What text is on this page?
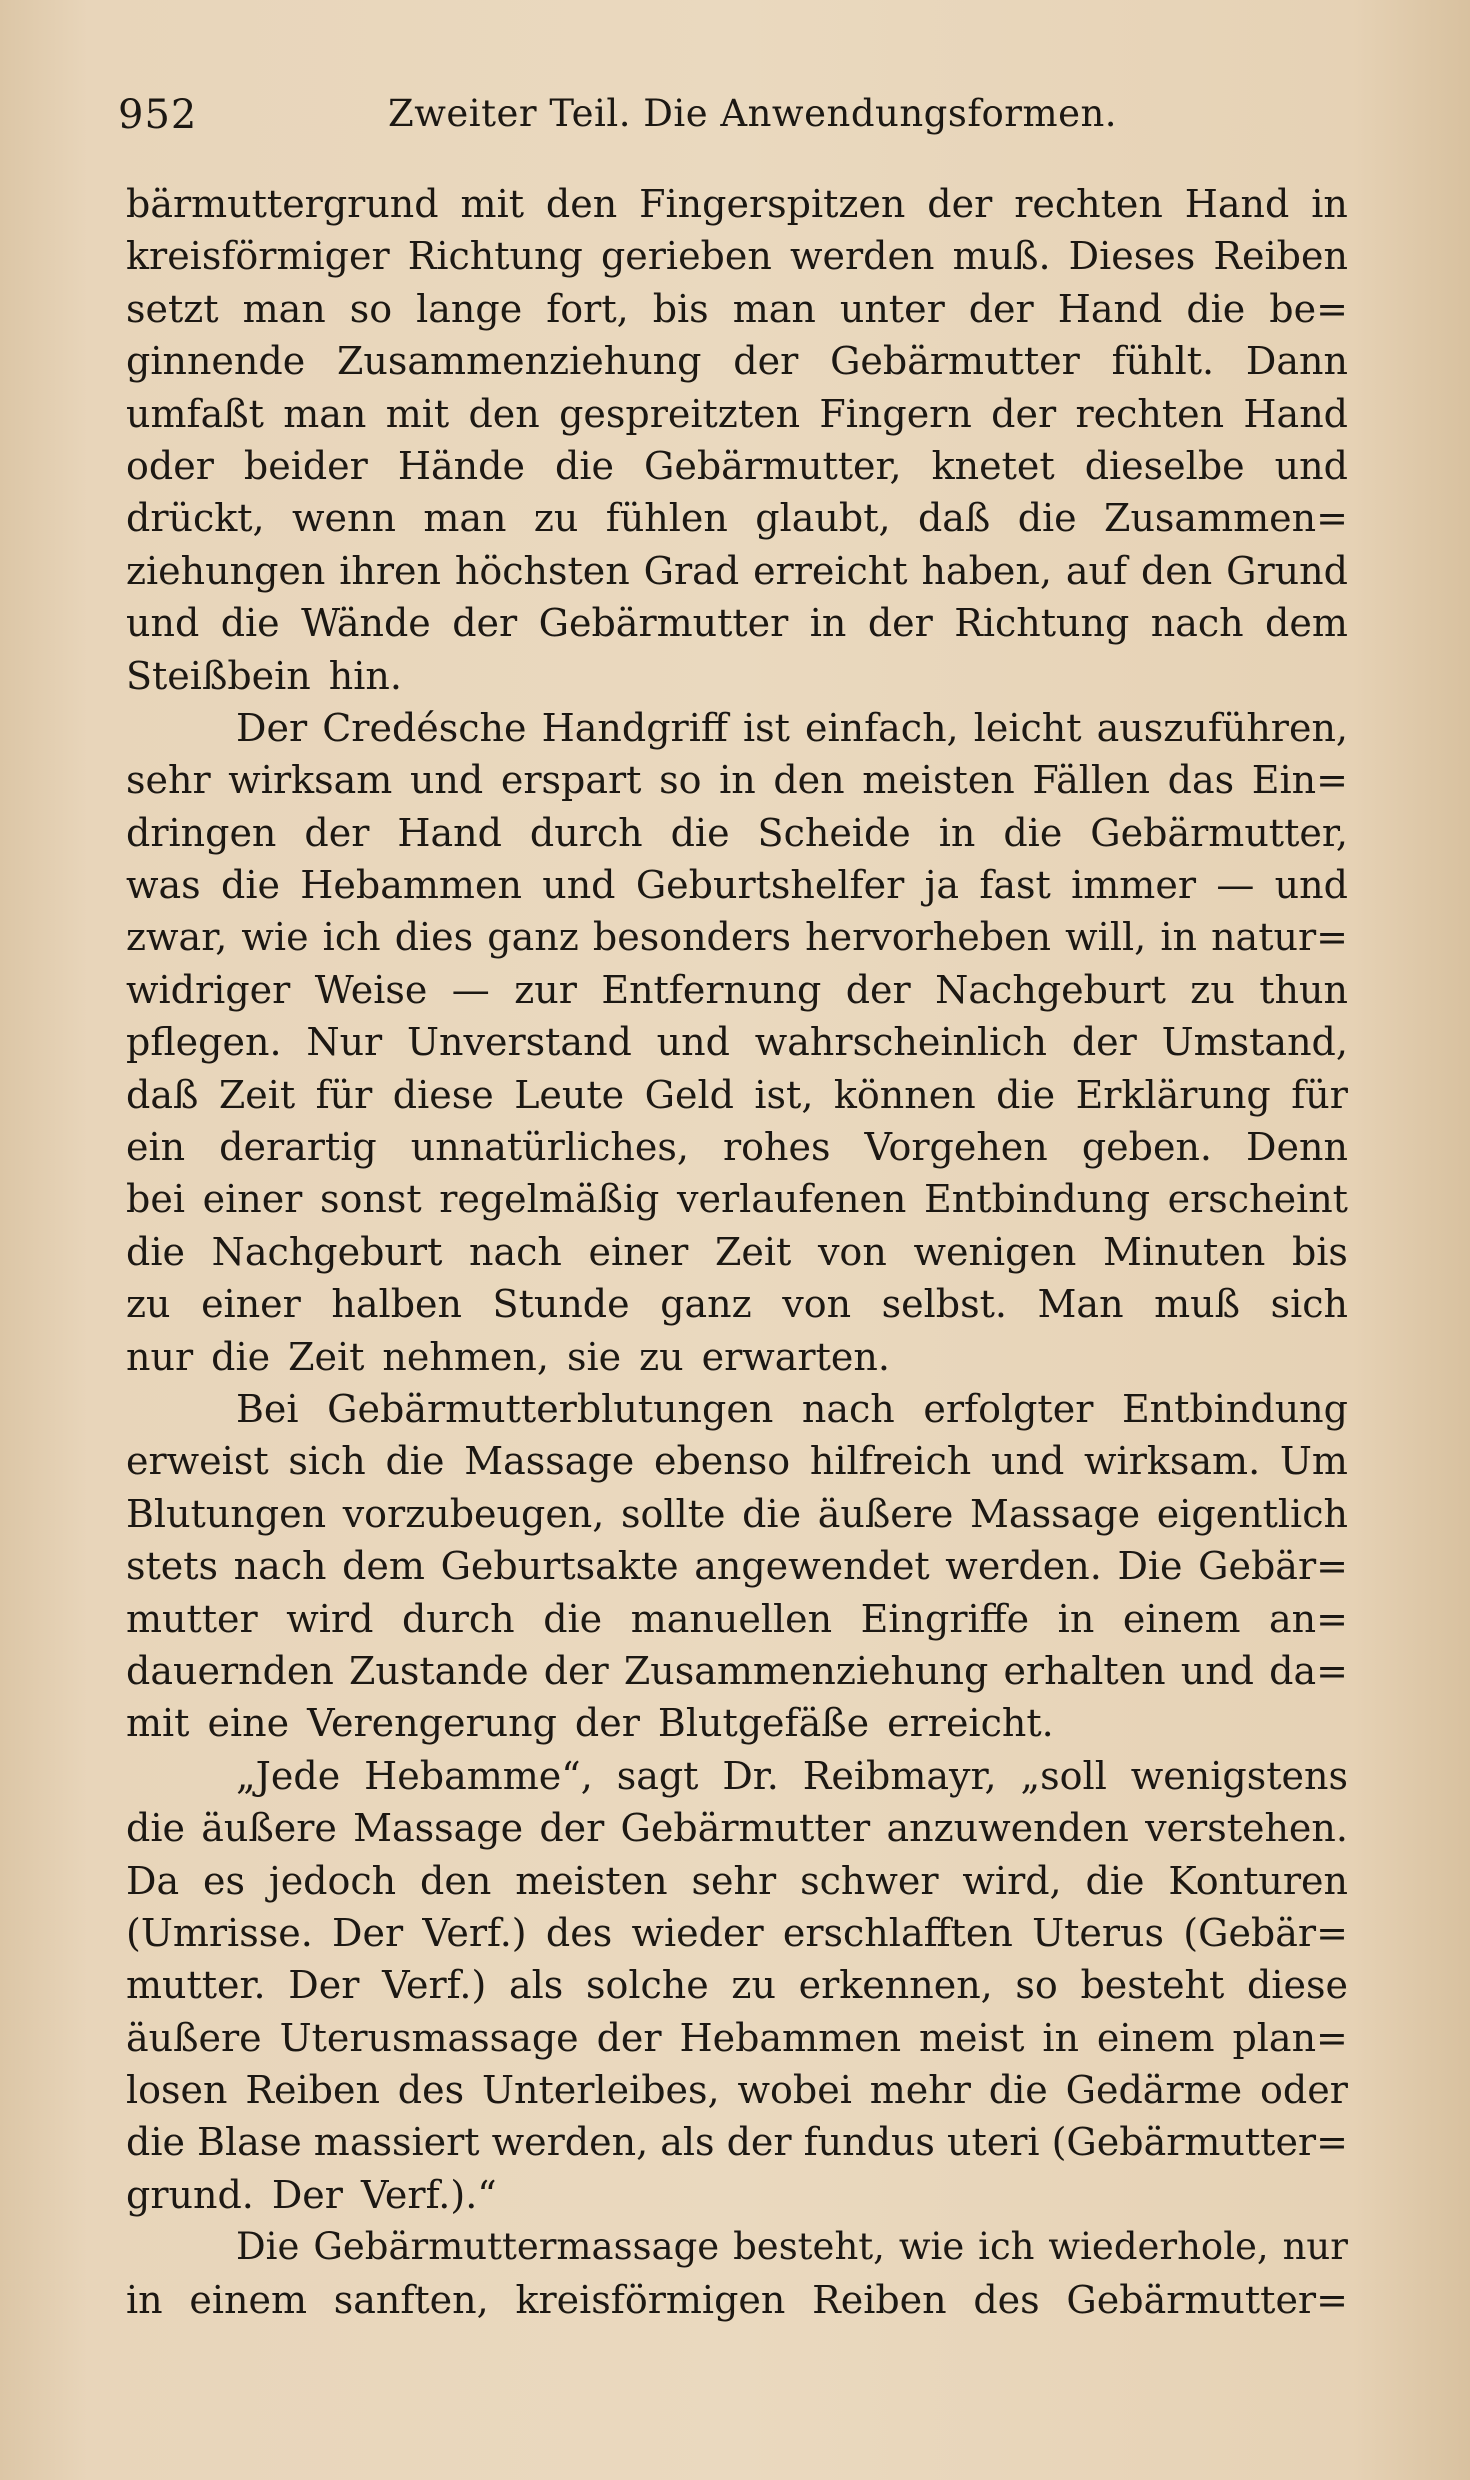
952	Zweiter Teil. Die Anwendungsformen.
bärmuttergrund mit den Fingerspitzen der rechten Hand in
kreisförmiger Richtung gerieben werden muß. Dieses Reiben
setzt man so lange fort, bis man unter der Hand die be=
ginnende Zusammenziehung der Gebärmutter fühlt. Dann
umfaßt man mit den gespreitzten Fingern der rechten Hand
oder beider Hände die Gebärmutter, knetet dieselbe und
drückt, wenn man zu fühlen glaubt, daß die Zusammen=
ziehungen ihren höchsten Grad erreicht haben, auf den Grund
und die Wände der Gebärmutter in der Richtung nach dem
Steißbein hin.
Der Credésche Handgriff ist einfach, leicht auszuführen,
sehr wirksam und erspart so in den meisten Fällen das Ein=
dringen der Hand durch die Scheide in die Gebärmutter,
was die Hebammen und Geburtshelfer ja fast immer — und
zwar, wie ich dies ganz besonders hervorheben will, in natur=
widriger Weise — zur Entfernung der Nachgeburt zu thun
pflegen. Nur Unverstand und wahrscheinlich der Umstand,
daß Zeit für diese Leute Geld ist, können die Erklärung für
ein derartig unnatürliches, rohes Vorgehen geben. Denn
bei einer sonst regelmäßig verlaufenen Entbindung erscheint
die Nachgeburt nach einer Zeit von wenigen Minuten bis
zu einer halben Stunde ganz von selbst. Man muß sich
nur die Zeit nehmen, sie zu erwarten.
Bei Gebärmutterblutungen nach erfolgter Entbindung
erweist sich die Massage ebenso hilfreich und wirksam. Um
Blutungen vorzubeugen, sollte die äußere Massage eigentlich
stets nach dem Geburtsakte angewendet werden. Die Gebär=
mutter wird durch die manuellen Eingriffe in einem an=
dauernden Zustande der Zusammenziehung erhalten und da=
mit eine Verengerung der Blutgefäße erreicht.
„Jede Hebamme“, sagt Dr. Reibmayr, „soll wenigstens
die äußere Massage der Gebärmutter anzuwenden verstehen.
Da es jedoch den meisten sehr schwer wird, die Konturen
(Umrisse. Der Verf.) des wieder erschlafften Uterus (Gebär=
mutter. Der Verf.) als solche zu erkennen, so besteht diese
äußere Uterusmassage der Hebammen meist in einem plan=
losen Reiben des Unterleibes, wobei mehr die Gedärme oder
die Blase massiert werden, als der fundus uteri (Gebärmutter=
grund. Der Verf.).“
Die Gebärmuttermassage besteht, wie ich wiederhole, nur
in einem sanften, kreisförmigen Reiben des Gebärmutter=
